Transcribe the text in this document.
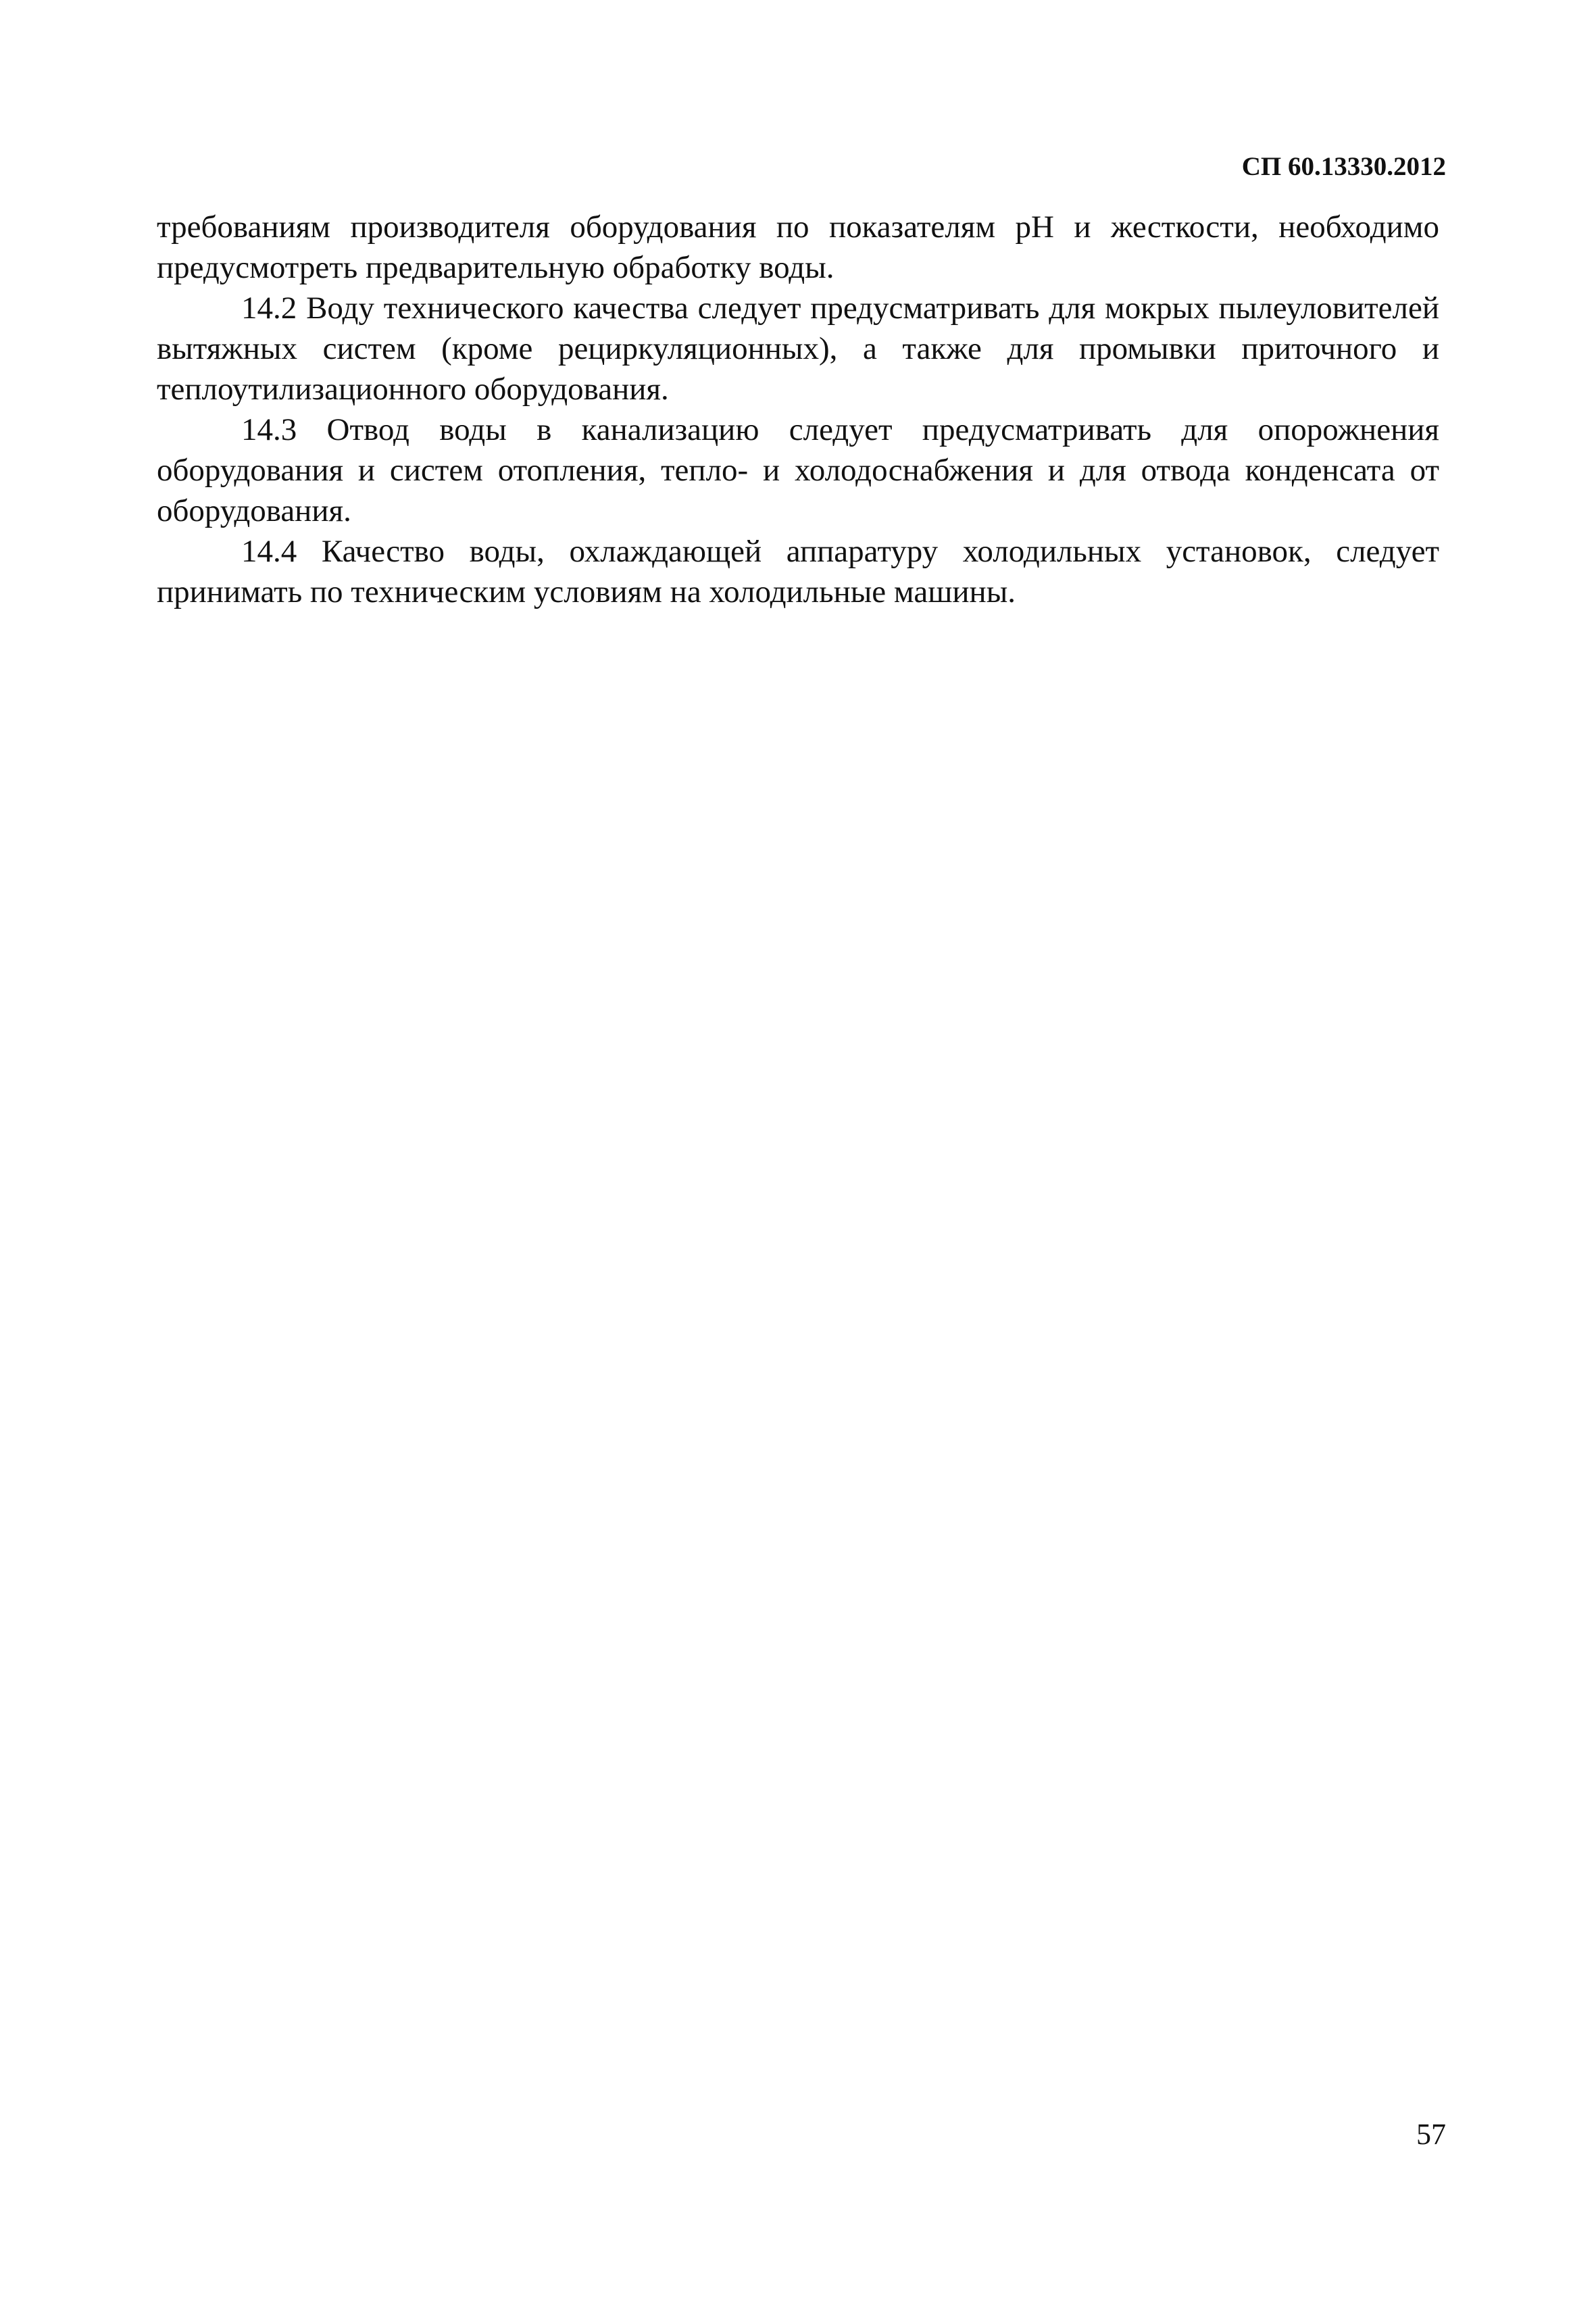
СП 60.13330.2012

требованиям производителя оборудования по показателям pH и жесткости, необходимо предусмотреть предварительную обработку воды.

14.2 Воду технического качества следует предусматривать для мокрых пылеуловителей вытяжных систем (кроме рециркуляционных), а также для промывки приточного и теплоутилизационного оборудования.

14.3 Отвод воды в канализацию следует предусматривать для опорожнения оборудования и систем отопления, тепло- и холодоснабжения и для отвода конденсата от оборудования.

14.4 Качество воды, охлаждающей аппаратуру холодильных установок, следует принимать по техническим условиям на холодильные машины.

57
